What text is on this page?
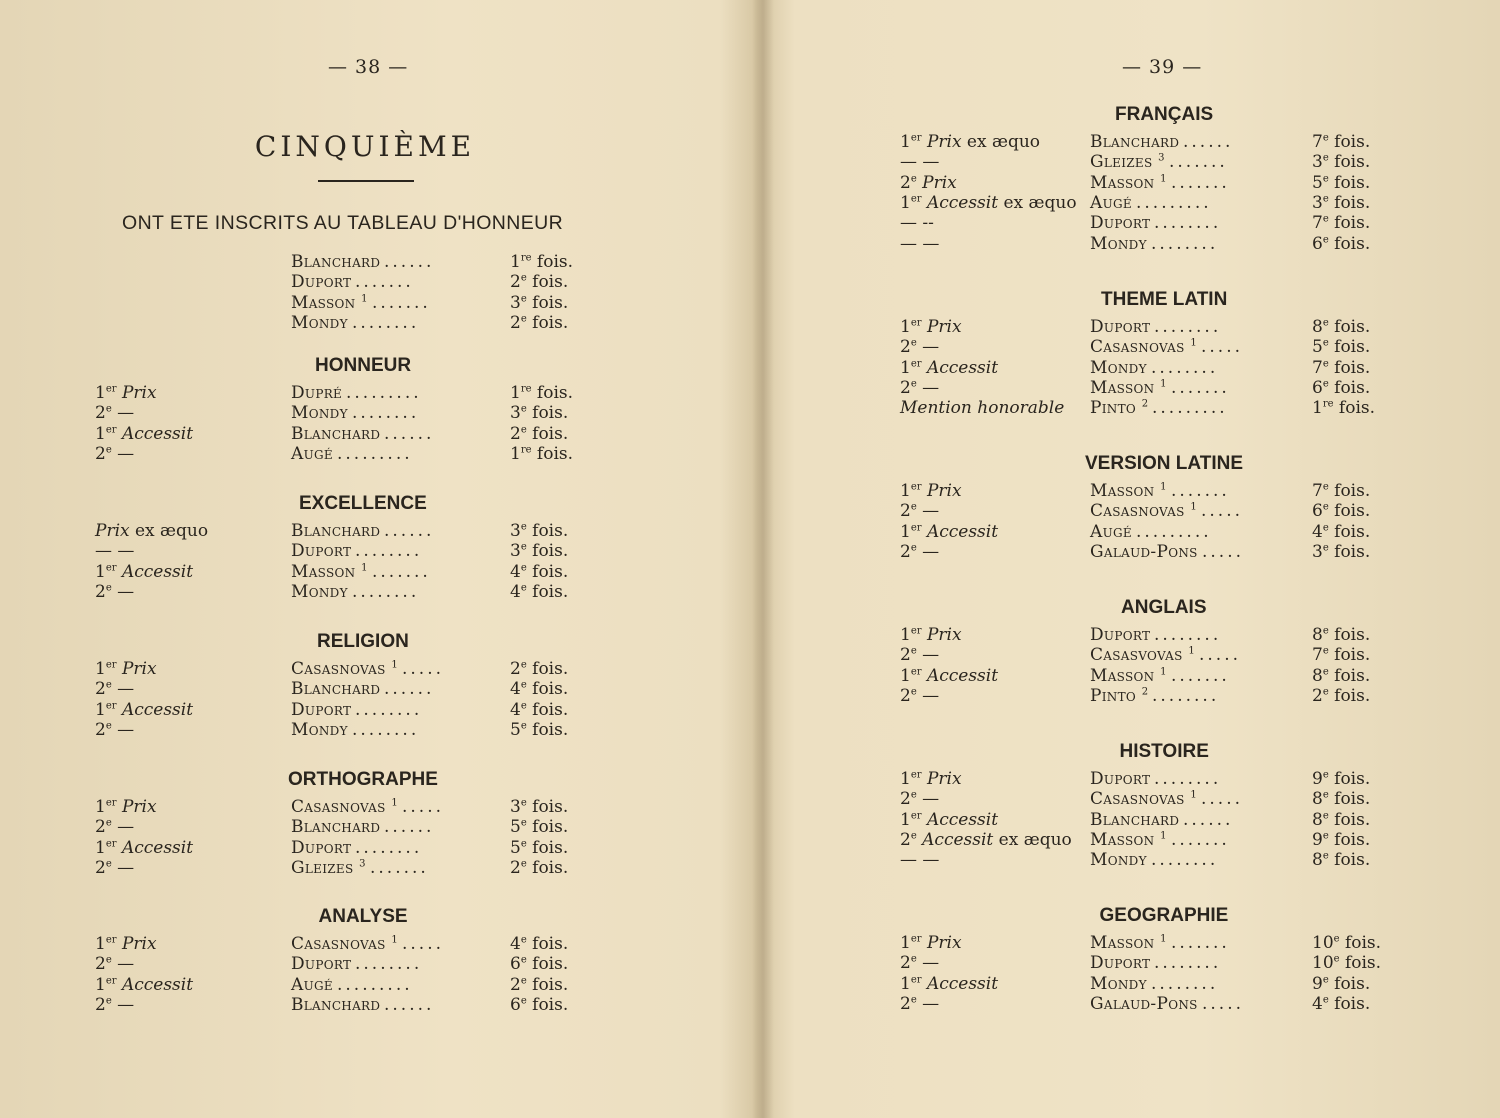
— 38 —
CINQUIÈME
ONT ETE INSCRITS AU TABLEAU D'HONNEUR
Blanchard ......	1re fois.
Duport .......	2e fois.
Masson $^1$ .......	3e fois.
Mondy ........	2e fois.
HONNEUR
1er Prix	Dupré .........	1re fois.
2e —	Mondy ........	3e fois.
1er Accessit	Blanchard ......	2e fois.
2e —	Augé .........	1re fois.
EXCELLENCE
Prix ex æquo	Blanchard ......	3e fois.
— —	Duport ........	3e fois.
1er Accessit	Masson $^1$ .......	4e fois.
2e —	Mondy ........	4e fois.
RELIGION
1er Prix	Casasnovas $^1$ .....	2e fois.
2e —	Blanchard ......	4e fois.
1er Accessit	Duport ........	4e fois.
2e —	Mondy ........	5e fois.
ORTHOGRAPHE
1er Prix	Casasnovas $^1$ .....	3e fois.
2e —	Blanchard ......	5e fois.
1er Accessit	Duport ........	5e fois.
2e —	Gleizes $^3$ .......	2e fois.
ANALYSE
1er Prix	Casasnovas $^1$ .....	4e fois.
2e —	Duport ........	6e fois.
1er Accessit	Augé .........	2e fois.
2e —	Blanchard ......	6e fois.
— 39 —
FRANÇAIS
1er Prix ex æquo	Blanchard ......	7e fois.
— —	Gleizes $^3$ .......	3e fois.
2e Prix	Masson $^1$ .......	5e fois.
1er Accessit ex æquo Augé .........	3e fois.
— --	Duport ........	7e fois.
— —	Mondy ........	6e fois.
THEME LATIN
1er Prix	Duport ........	8e fois.
2e —	Casasnovas $^1$ .....	5e fois.
1er Accessit	Mondy ........	7e fois.
2e —	Masson $^1$ .......	6e fois.
Mention honorable Pinto $^2$ .........	1re fois.
VERSION LATINE
1er Prix	Masson $^1$ .......	7e fois.
2e —	Casasnovas $^1$ .....	6e fois.
1er Accessit	Augé .........	4e fois.
2e —	Galaud-Pons .....	3e fois.
ANGLAIS
1er Prix	Duport ........	8e fois.
2e —	Casasvovas $^1$ .....	7e fois.
1er Accessit	Masson $^1$ .......	8e fois.
2e —	Pinto $^2$ ........	2e fois.
HISTOIRE
1er Prix	Duport ........	9e fois.
2e —	Casasnovas $^1$ .....	8e fois.
1er Accessit	Blanchard ......	8e fois.
2e Accessit ex æquo Masson $^1$ .......	9e fois.
— —	Mondy ........	8e fois.
GEOGRAPHIE
1er Prix	Masson $^1$ .......	10e fois.
2e —	Duport ........	10e fois.
1er Accessit	Mondy ........	9e fois.
2e —	Galaud-Pons .....	4e fois.
